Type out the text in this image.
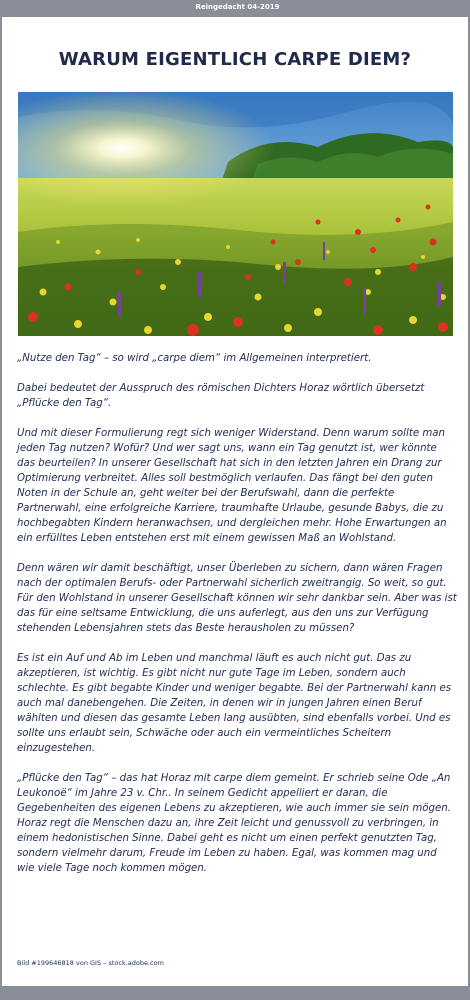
Reingedacht 04-2019
WARUM EIGENTLICH CARPE DIEM?

„Nutze den Tag“ – so wird „carpe diem“ im Allgemeinen interpretiert.

Dabei bedeutet der Ausspruch des römischen Dichters Horaz wörtlich übersetzt „Pflücke den Tag“.

Und mit dieser Formulierung regt sich weniger Widerstand. Denn warum sollte man jeden Tag nutzen? Wofür? Und wer sagt uns, wann ein Tag genutzt ist, wer könnte das beurteilen? In unserer Gesellschaft hat sich in den letzten Jahren ein Drang zur Optimierung verbreitet. Alles soll bestmöglich verlaufen. Das fängt bei den guten Noten in der Schule an, geht weiter bei der Berufswahl, dann die perfekte Partnerwahl, eine erfolgreiche Karriere, traumhafte Urlaube, gesunde Babys, die zu hochbegabten Kindern heranwachsen, und dergleichen mehr. Hohe Erwartungen an ein erfülltes Leben entstehen erst mit einem gewissen Maß an Wohlstand.

Denn wären wir damit beschäftigt, unser Überleben zu sichern, dann wären Fragen nach der optimalen Berufs- oder Partnerwahl sicherlich zweitrangig. So weit, so gut. Für den Wohlstand in unserer Gesellschaft können wir sehr dankbar sein. Aber was ist das für eine seltsame Entwicklung, die uns auferlegt, aus den uns zur Verfügung stehenden Lebensjahren stets das Beste herausholen zu müssen?

Es ist ein Auf und Ab im Leben und manchmal läuft es auch nicht gut. Das zu akzeptieren, ist wichtig. Es gibt nicht nur gute Tage im Leben, sondern auch schlechte. Es gibt begabte Kinder und weniger begabte. Bei der Partnerwahl kann es auch mal danebengehen. Die Zeiten, in denen wir in jungen Jahren einen Beruf wählten und diesen das gesamte Leben lang ausübten, sind ebenfalls vorbei. Und es sollte uns erlaubt sein, Schwäche oder auch ein vermeintliches Scheitern einzugestehen.

„Pflücke den Tag“ – das hat Horaz mit carpe diem gemeint. Er schrieb seine Ode „An Leukonoë“ im Jahre 23 v. Chr.. In seinem Gedicht appelliert er daran, die Gegebenheiten des eigenen Lebens zu akzeptieren, wie auch immer sie sein mögen. Horaz regt die Menschen dazu an, ihre Zeit leicht und genussvoll zu verbringen, in einem hedonistischen Sinne. Dabei geht es nicht um einen perfekt genutzten Tag, sondern vielmehr darum, Freude im Leben zu haben. Egal, was kommen mag und wie viele Tage noch kommen mögen.

Bild #199646818 von GIS – stock.adobe.com
